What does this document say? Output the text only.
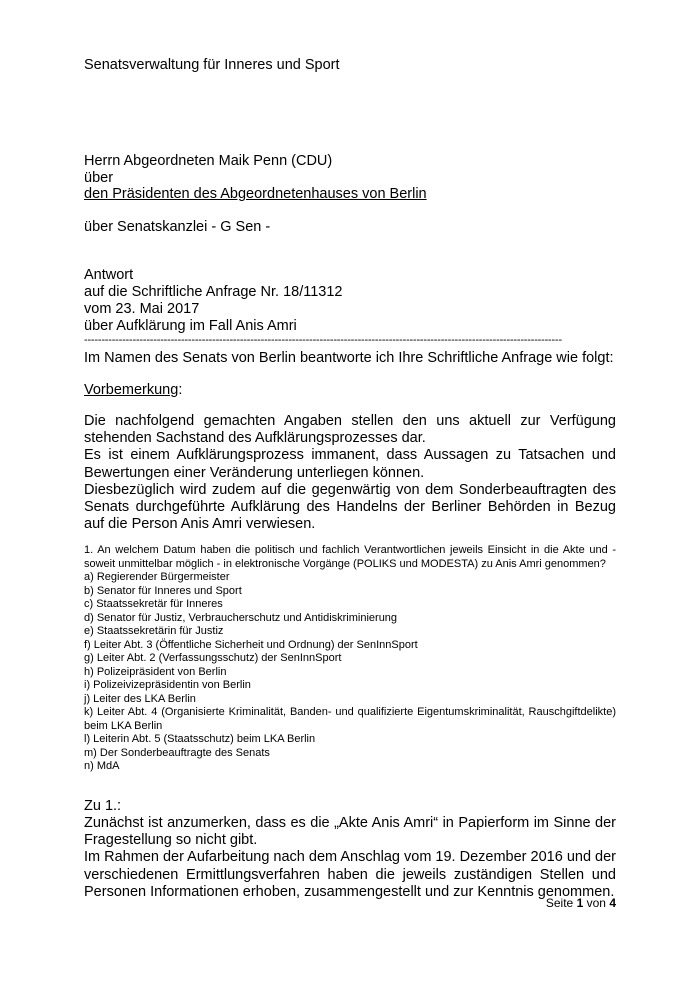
Senatsverwaltung für Inneres und Sport
Herrn Abgeordneten Maik Penn (CDU)
über
den Präsidenten des Abgeordnetenhauses von Berlin
über Senatskanzlei - G Sen -
Antwort
auf die Schriftliche Anfrage Nr. 18/11312
vom 23. Mai 2017
über Aufklärung im Fall Anis Amri
------------------------------------------------------------------------------------------------------------------------------------------
Im Namen des Senats von Berlin beantworte ich Ihre Schriftliche Anfrage wie folgt:
Vorbemerkung:
Die nachfolgend gemachten Angaben stellen den uns aktuell zur Verfügung stehenden Sachstand des Aufklärungsprozesses dar.
Es ist einem Aufklärungsprozess immanent, dass Aussagen zu Tatsachen und Bewertungen einer Veränderung unterliegen können.
Diesbezüglich wird zudem auf die gegenwärtig von dem Sonderbeauftragten des Senats durchgeführte Aufklärung des Handelns der Berliner Behörden in Bezug auf die Person Anis Amri verwiesen.
1. An welchem Datum haben die politisch und fachlich Verantwortlichen jeweils Einsicht in die Akte und - soweit unmittelbar möglich - in elektronische Vorgänge (POLIKS und MODESTA) zu Anis Amri genommen?
a) Regierender Bürgermeister
b) Senator für Inneres und Sport
c) Staatssekretär für Inneres
d) Senator für Justiz, Verbraucherschutz und Antidiskriminierung
e) Staatssekretärin für Justiz
f) Leiter Abt. 3 (Öffentliche Sicherheit und Ordnung) der SenInnSport
g) Leiter Abt. 2 (Verfassungsschutz) der SenInnSport
h) Polizeipräsident von Berlin
i) Polizeivizepräsidentin von Berlin
j) Leiter des LKA Berlin
k) Leiter Abt. 4 (Organisierte Kriminalität, Banden- und qualifizierte Eigentumskriminalität, Rauschgiftdelikte) beim LKA Berlin
l) Leiterin Abt. 5 (Staatsschutz) beim LKA Berlin
m) Der Sonderbeauftragte des Senats
n) MdA
Zu 1.:
Zunächst ist anzumerken, dass es die „Akte Anis Amri“ in Papierform im Sinne der Fragestellung so nicht gibt.
Im Rahmen der Aufarbeitung nach dem Anschlag vom 19. Dezember 2016 und der verschiedenen Ermittlungsverfahren haben die jeweils zuständigen Stellen und Personen Informationen erhoben, zusammengestellt und zur Kenntnis genommen.
Seite 1 von 4
